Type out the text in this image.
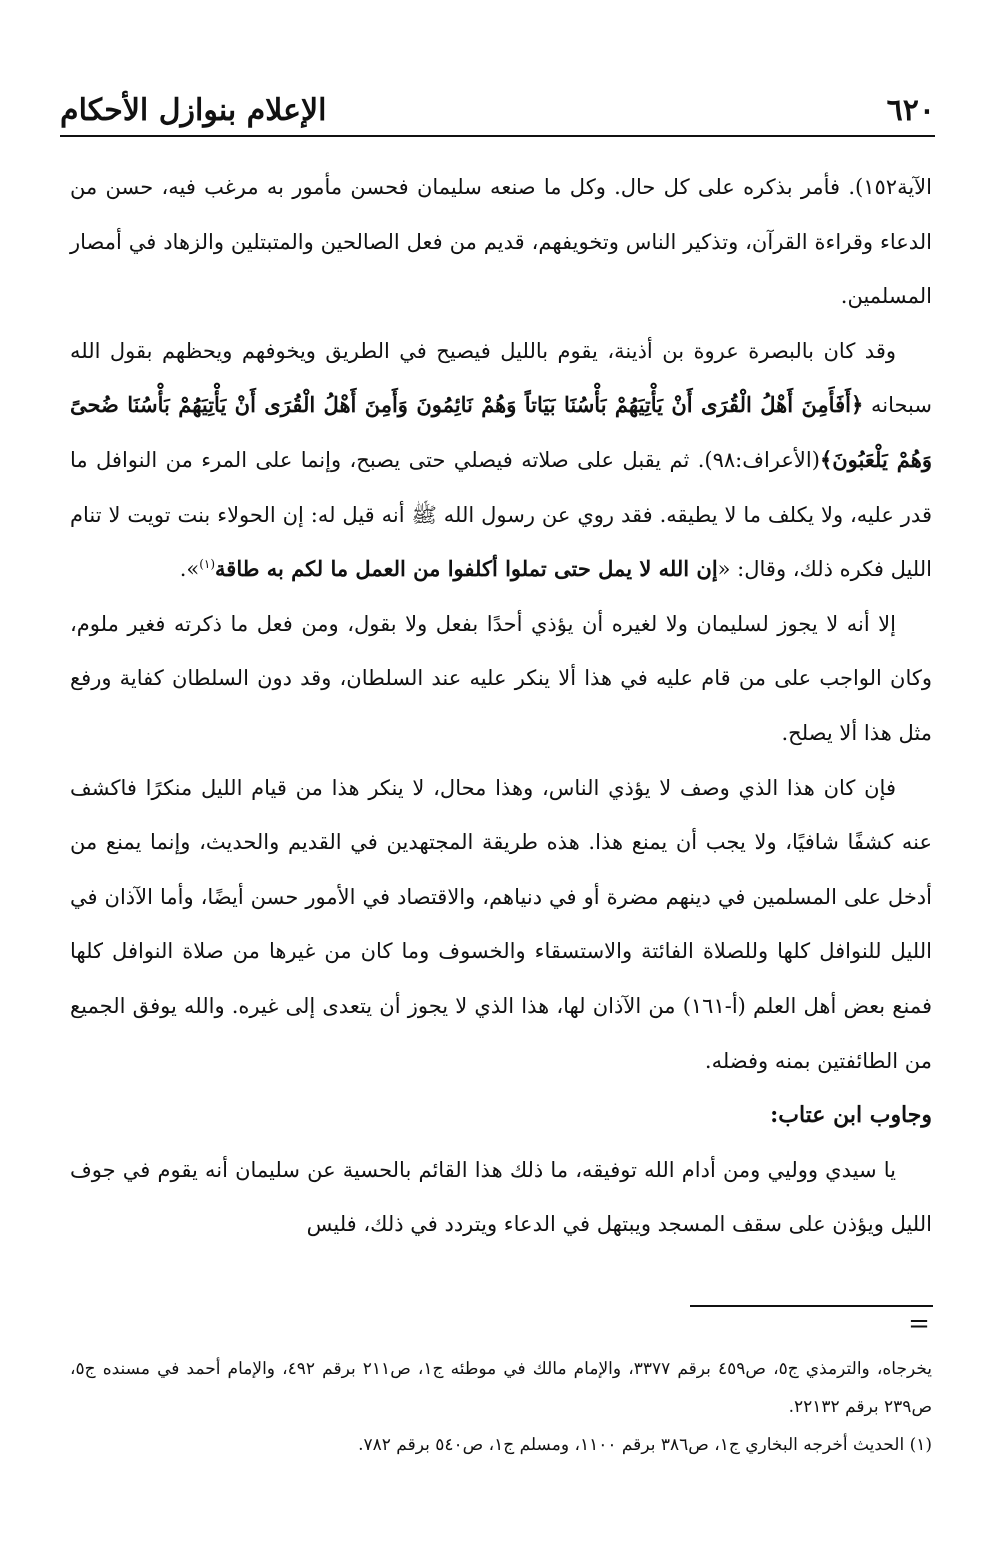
الإعلام بنوازل الأحكام	٦٢٠

الآية١٥٢). فأمر بذكره على كل حال. وكل ما صنعه سليمان فحسن مأمور به مرغب فيه، حسن من الدعاء وقراءة القرآن، وتذكير الناس وتخويفهم، قديم من فعل الصالحين والمتبتلين والزهاد في أمصار المسلمين.

وقد كان بالبصرة عروة بن أذينة، يقوم بالليل فيصيح في الطريق ويخوفهم ويحظهم بقول الله سبحانه ﴿أَفَأَمِنَ أَهْلُ الْقُرَى أَنْ يَأْتِيَهُمْ بَأْسُنَا بَيَاتاً وَهُمْ نَائِمُونَ وَأَمِنَ أَهْلُ الْقُرَى أَنْ يَأْتِيَهُمْ بَأْسُنَا ضُحىً وَهُمْ يَلْعَبُونَ﴾(الأعراف:٩٨). ثم يقبل على صلاته فيصلي حتى يصبح، وإنما على المرء من النوافل ما قدر عليه، ولا يكلف ما لا يطيقه. فقد روي عن رسول الله ﷺ أنه قيل له: إن الحولاء بنت تويت لا تنام الليل فكره ذلك، وقال: «إن الله لا يمل حتى تملوا أكلفوا من العمل ما لكم به طاقة$^{(١)}$».

إلا أنه لا يجوز لسليمان ولا لغيره أن يؤذي أحدًا بفعل ولا بقول، ومن فعل ما ذكرته فغير ملوم، وكان الواجب على من قام عليه في هذا ألا ينكر عليه عند السلطان، وقد دون السلطان كفاية ورفع مثل هذا ألا يصلح.

فإن كان هذا الذي وصف لا يؤذي الناس، وهذا محال، لا ينكر هذا من قيام الليل منكرًا فاكشف عنه كشفًا شافيًا، ولا يجب أن يمنع هذا. هذه طريقة المجتهدين في القديم والحديث، وإنما يمنع من أدخل على المسلمين في دينهم مضرة أو في دنياهم، والاقتصاد في الأمور حسن أيضًا، وأما الآذان في الليل للنوافل كلها وللصلاة الفائتة والاستسقاء والخسوف وما كان من غيرها من صلاة النوافل كلها فمنع بعض أهل العلم (أ-١٦١) من الآذان لها، هذا الذي لا يجوز أن يتعدى إلى غيره. والله يوفق الجميع من الطائفتين بمنه وفضله.

وجاوب ابن عتاب:

يا سيدي ووليي ومن أدام الله توفيقه، ما ذلك هذا القائم بالحسية عن سليمان أنه يقوم في جوف الليل ويؤذن على سقف المسجد ويبتهل في الدعاء ويتردد في ذلك، فليس

=

يخرجاه، والترمذي ج٥، ص٤٥٩ برقم ٣٣٧٧، والإمام مالك في موطئه ج١، ص٢١١ برقم ٤٩٢، والإمام أحمد في مسنده ج٥، ص٢٣٩ برقم ٢٢١٣٢.

(١) الحديث أخرجه البخاري ج١، ص٣٨٦ برقم ١١٠٠، ومسلم ج١، ص٥٤٠ برقم ٧٨٢.
